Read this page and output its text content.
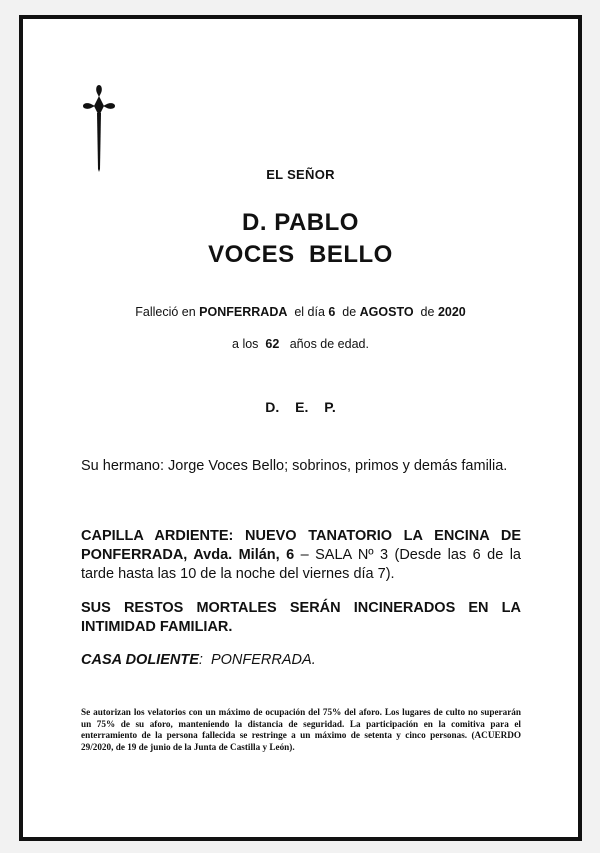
EL SEÑOR
D. PABLO
VOCES  BELLO
Falleció en PONFERRADA  el día 6  de AGOSTO  de 2020
a los  62   años de edad.
D. E. P.
Su hermano: Jorge Voces Bello; sobrinos, primos y demás familia.
CAPILLA ARDIENTE: NUEVO TANATORIO LA ENCINA DE PONFERRADA, Avda. Milán, 6 – SALA Nº 3 (Desde las 6 de la tarde hasta las 10 de la noche del viernes día 7).
SUS RESTOS MORTALES SERÁN INCINERADOS EN LA INTIMIDAD FAMILIAR.
CASA DOLIENTE:  PONFERRADA.
Se autorizan los velatorios con un máximo de ocupación del 75% del aforo. Los lugares de culto no superarán un 75% de su aforo, manteniendo la distancia de seguridad. La participación en la comitiva para el enterramiento de la persona fallecida se restringe a un máximo de setenta y cinco personas. (ACUERDO 29/2020, de 19 de junio de la Junta de Castilla y León).
